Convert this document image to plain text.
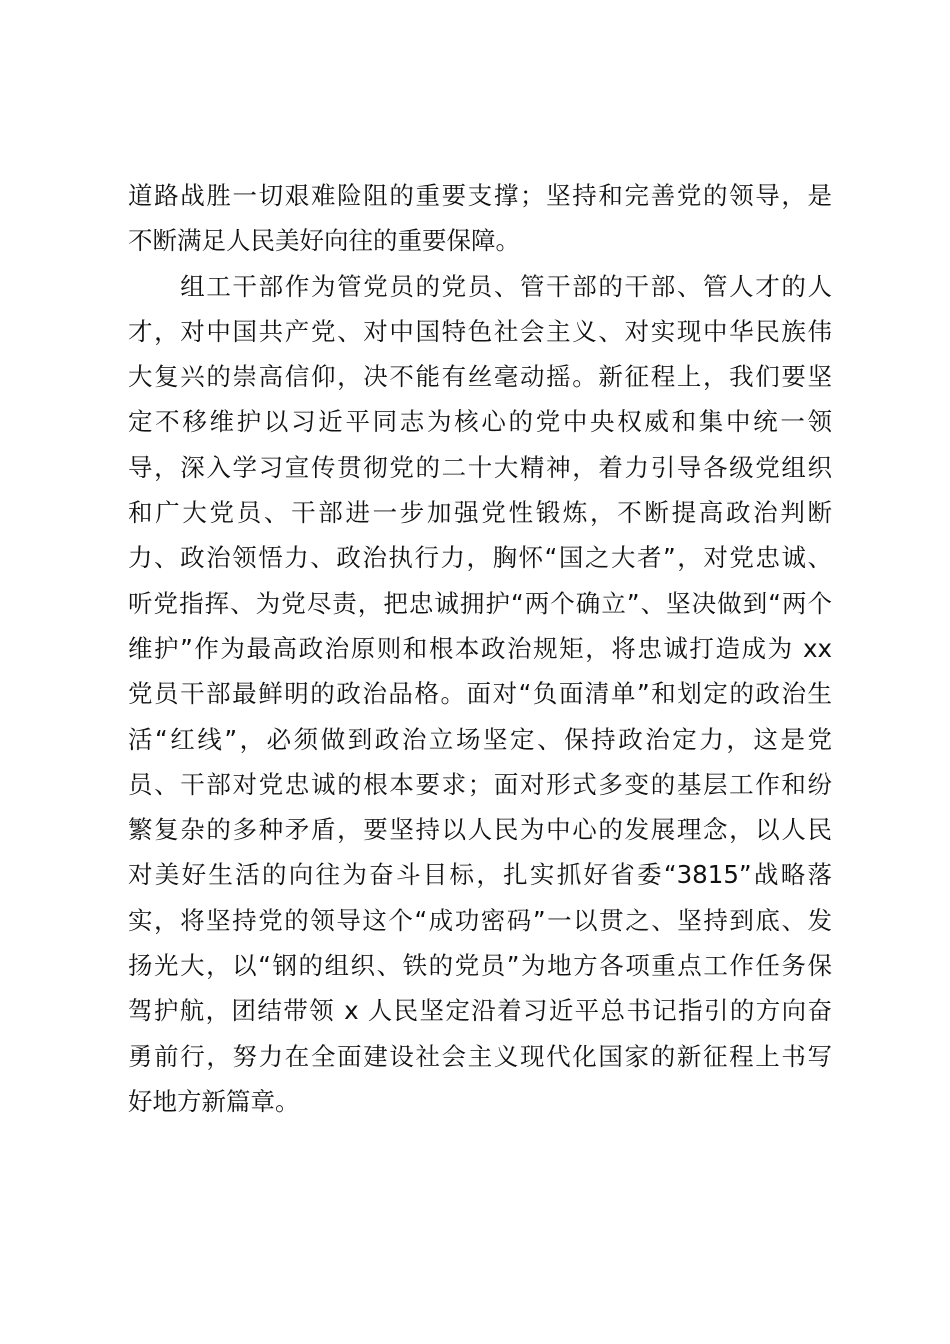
道路战胜一切艰难险阻的重要支撑；坚持和完善党的领导，是
不断满足人民美好向往的重要保障。
　　组工干部作为管党员的党员、管干部的干部、管人才的人
才，对中国共产党、对中国特色社会主义、对实现中华民族伟
大复兴的崇高信仰，决不能有丝毫动摇。新征程上，我们要坚
定不移维护以习近平同志为核心的党中央权威和集中统一领
导，深入学习宣传贯彻党的二十大精神，着力引导各级党组织
和广大党员、干部进一步加强党性锻炼，不断提高政治判断
力、政治领悟力、政治执行力，胸怀“国之大者”，对党忠诚、
听党指挥、为党尽责，把忠诚拥护“两个确立”、坚决做到“两个
维护”作为最高政治原则和根本政治规矩，将忠诚打造成为 xx
党员干部最鲜明的政治品格。面对“负面清单”和划定的政治生
活“红线”，必须做到政治立场坚定、保持政治定力，这是党
员、干部对党忠诚的根本要求；面对形式多变的基层工作和纷
繁复杂的多种矛盾，要坚持以人民为中心的发展理念，以人民
对美好生活的向往为奋斗目标，扎实抓好省委“3815”战略落
实，将坚持党的领导这个“成功密码”一以贯之、坚持到底、发
扬光大，以“钢的组织、铁的党员”为地方各项重点工作任务保
驾护航，团结带领 x 人民坚定沿着习近平总书记指引的方向奋
勇前行，努力在全面建设社会主义现代化国家的新征程上书写
好地方新篇章。
